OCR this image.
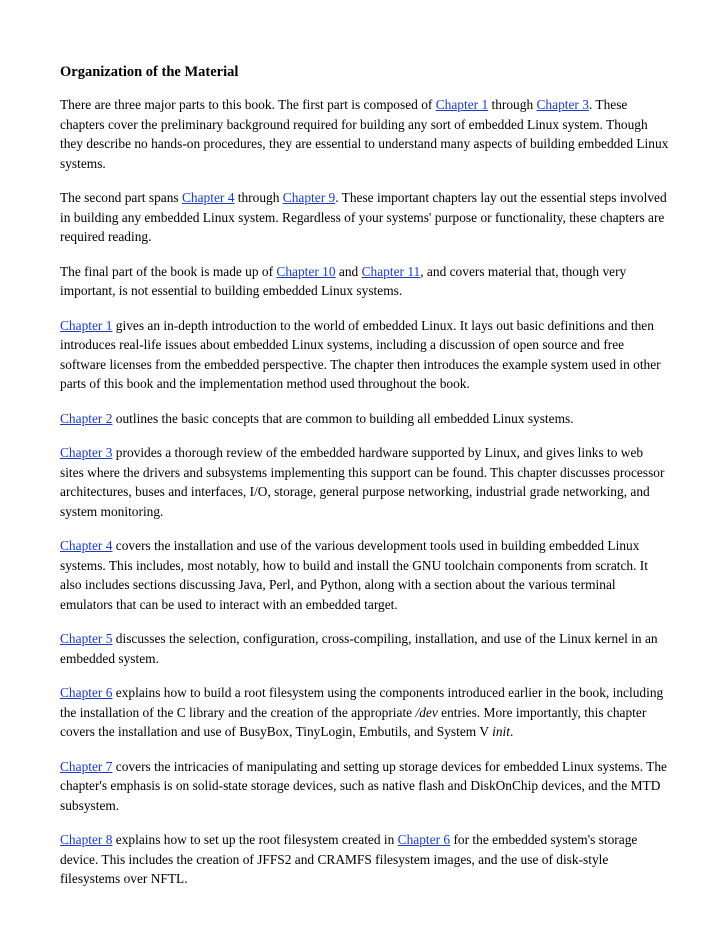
Organization of the Material

There are three major parts to this book. The first part is composed of Chapter 1 through Chapter 3. These chapters cover the preliminary background required for building any sort of embedded Linux system. Though they describe no hands-on procedures, they are essential to understand many aspects of building embedded Linux systems.

The second part spans Chapter 4 through Chapter 9. These important chapters lay out the essential steps involved in building any embedded Linux system. Regardless of your systems' purpose or functionality, these chapters are required reading.

The final part of the book is made up of Chapter 10 and Chapter 11, and covers material that, though very important, is not essential to building embedded Linux systems.

Chapter 1 gives an in-depth introduction to the world of embedded Linux. It lays out basic definitions and then introduces real-life issues about embedded Linux systems, including a discussion of open source and free software licenses from the embedded perspective. The chapter then introduces the example system used in other parts of this book and the implementation method used throughout the book.

Chapter 2 outlines the basic concepts that are common to building all embedded Linux systems.

Chapter 3 provides a thorough review of the embedded hardware supported by Linux, and gives links to web sites where the drivers and subsystems implementing this support can be found. This chapter discusses processor architectures, buses and interfaces, I/O, storage, general purpose networking, industrial grade networking, and system monitoring.

Chapter 4 covers the installation and use of the various development tools used in building embedded Linux systems. This includes, most notably, how to build and install the GNU toolchain components from scratch. It also includes sections discussing Java, Perl, and Python, along with a section about the various terminal emulators that can be used to interact with an embedded target.

Chapter 5 discusses the selection, configuration, cross-compiling, installation, and use of the Linux kernel in an embedded system.

Chapter 6 explains how to build a root filesystem using the components introduced earlier in the book, including the installation of the C library and the creation of the appropriate /dev entries. More importantly, this chapter covers the installation and use of BusyBox, TinyLogin, Embutils, and System V init.

Chapter 7 covers the intricacies of manipulating and setting up storage devices for embedded Linux systems. The chapter's emphasis is on solid-state storage devices, such as native flash and DiskOnChip devices, and the MTD subsystem.

Chapter 8 explains how to set up the root filesystem created in Chapter 6 for the embedded system's storage device. This includes the creation of JFFS2 and CRAMFS filesystem images, and the use of disk-style filesystems over NFTL.
